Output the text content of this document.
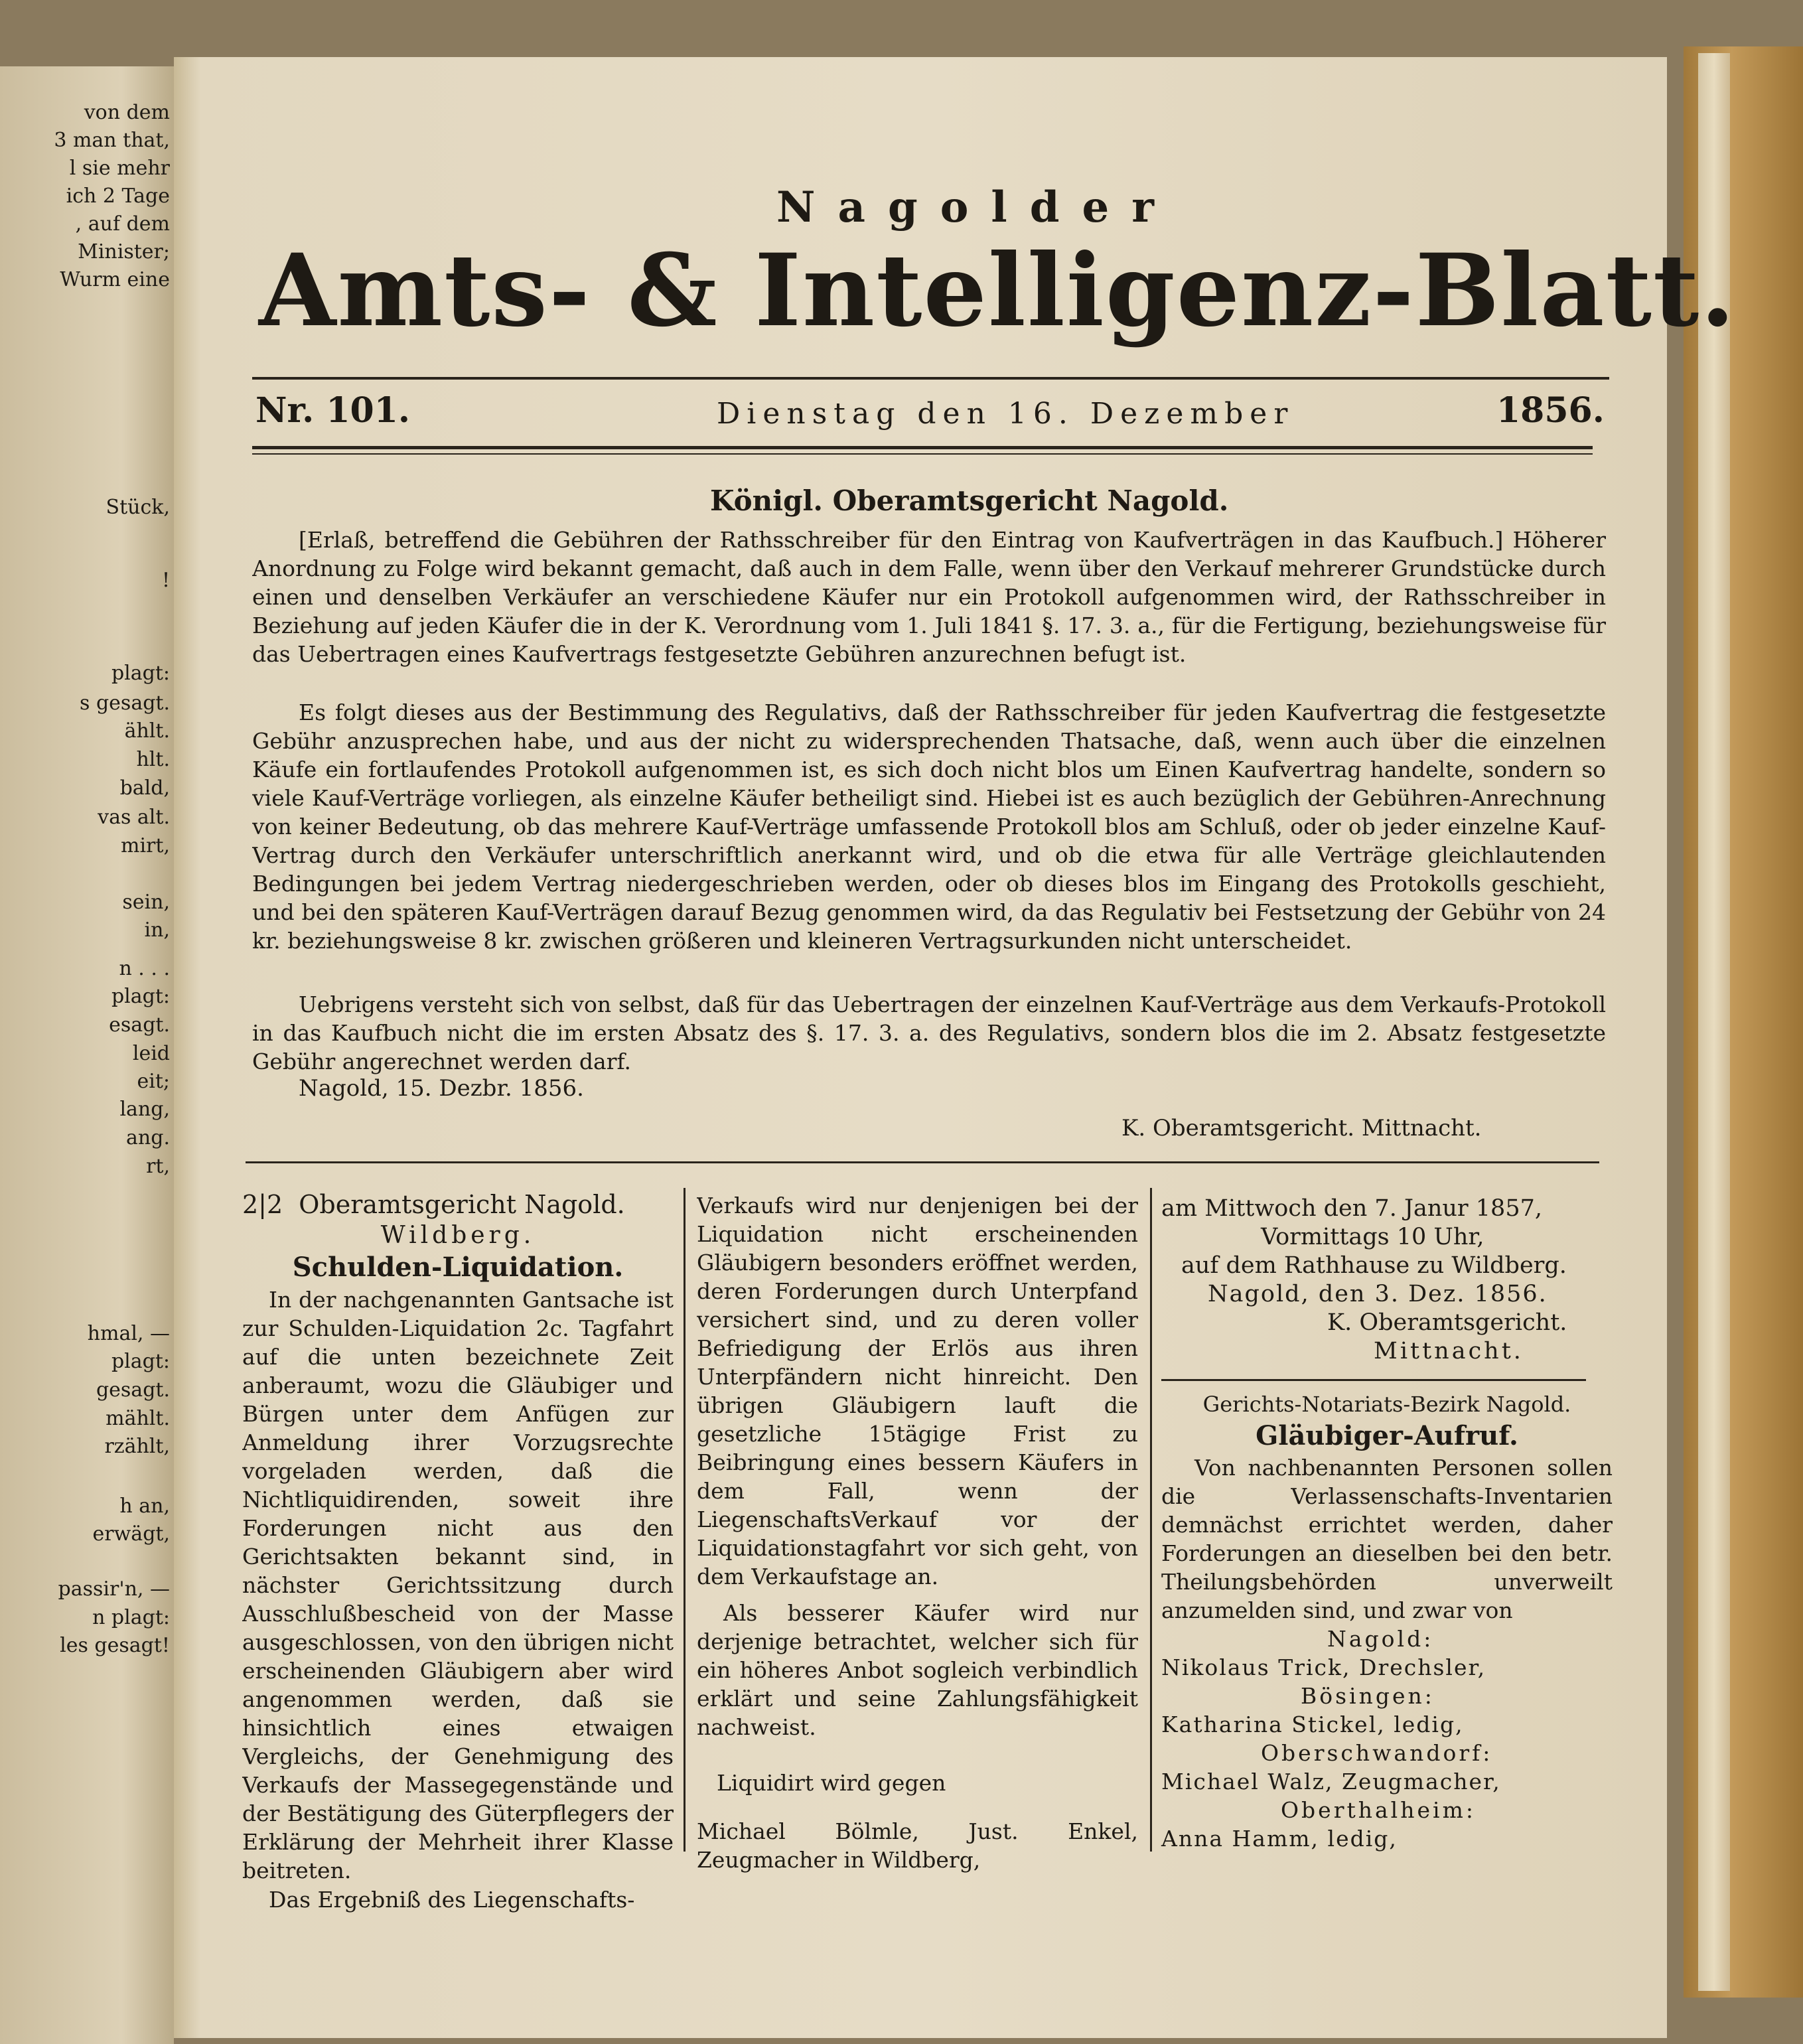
von dem
3 man that,
l sie mehr
ich 2 Tage
, auf dem
Minister;
Wurm eine
Stück,
!
plagt:
s gesagt.
ählt.
hlt.
bald,
vas alt.
mirt,
sein,
in,
n . . .
plagt:
esagt.
leid
eit;
lang,
ang.
rt,
hmal, —
plagt:
gesagt.
mählt.
rzählt,
h an,
erwägt,
passir'n, —
n plagt:
les gesagt!
Nagolder
Amts- & Intelligenz-Blatt.
Nr. 101.	Dienstag den 16. Dezember	1856.
Königl. Oberamtsgericht Nagold.
[Erlaß, betreffend die Gebühren der Rathsschreiber für den Eintrag von Kaufverträgen in das Kaufbuch.] Höherer Anordnung zu Folge wird bekannt gemacht, daß auch in dem Falle, wenn über den Verkauf mehrerer Grundstücke durch einen und denselben Verkäufer an verschiedene Käufer nur ein Protokoll aufgenommen wird, der Rathsschreiber in Beziehung auf jeden Käufer die in der K. Verordnung vom 1. Juli 1841 §. 17. 3. a., für die Fertigung, beziehungsweise für das Uebertragen eines Kaufvertrags festgesetzte Gebühren anzurechnen befugt ist.
Es folgt dieses aus der Bestimmung des Regulativs, daß der Rathsschreiber für jeden Kaufvertrag die festgesetzte Gebühr anzusprechen habe, und aus der nicht zu widersprechenden Thatsache, daß, wenn auch über die einzelnen Käufe ein fortlaufendes Protokoll aufgenommen ist, es sich doch nicht blos um Einen Kaufvertrag handelte, sondern so viele Kauf-Verträge vorliegen, als einzelne Käufer betheiligt sind. Hiebei ist es auch bezüglich der Gebühren-Anrechnung von keiner Bedeutung, ob das mehrere Kauf-Verträge umfassende Protokoll blos am Schluß, oder ob jeder einzelne Kauf-Vertrag durch den Verkäufer unterschriftlich anerkannt wird, und ob die etwa für alle Verträge gleichlautenden Bedingungen bei jedem Vertrag niedergeschrieben werden, oder ob dieses blos im Eingang des Protokolls geschieht, und bei den späteren Kauf-Verträgen darauf Bezug genommen wird, da das Regulativ bei Festsetzung der Gebühr von 24 kr. beziehungsweise 8 kr. zwischen größeren und kleineren Vertragsurkunden nicht unterscheidet.
Uebrigens versteht sich von selbst, daß für das Uebertragen der einzelnen Kauf-Verträge aus dem Verkaufs-Protokoll in das Kaufbuch nicht die im ersten Absatz des §. 17. 3. a. des Regulativs, sondern blos die im 2. Absatz festgesetzte Gebühr angerechnet werden darf.
Nagold, 15. Dezbr. 1856.
K. Oberamtsgericht. Mittnacht.
2|2 Oberamtsgericht Nagold.
Wildberg.
Schulden-Liquidation.

In der nachgenannten Gantsache ist zur Schulden-Liquidation 2c. Tagfahrt auf die unten bezeichnete Zeit anberaumt, wozu die Gläubiger und Bürgen unter dem Anfügen zur Anmeldung ihrer Vorzugsrechte vorgeladen werden, daß die Nichtliquidirenden, soweit ihre Forderungen nicht aus den Gerichtsakten bekannt sind, in nächster Gerichtssitzung durch Ausschlußbescheid von der Masse ausgeschlossen, von den übrigen nicht erscheinenden Gläubigern aber wird angenommen werden, daß sie hinsichtlich eines etwaigen Vergleichs, der Genehmigung des Verkaufs der Massegegenstände und der Bestätigung des Güterpflegers der Erklärung der Mehrheit ihrer Klasse beitreten.

Das Ergebniß des Liegenschafts-

Verkaufs wird nur denjenigen bei der Liquidation nicht erscheinenden Gläubigern besonders eröffnet werden, deren Forderungen durch Unterpfand versichert sind, und zu deren voller Befriedigung der Erlös aus ihren Unterpfändern nicht hinreicht. Den übrigen Gläubigern lauft die gesetzliche 15tägige Frist zu Beibringung eines bessern Käufers in dem Fall, wenn der LiegenschaftsVerkauf vor der Liquidationstagfahrt vor sich geht, von dem Verkaufstage an.

Als besserer Käufer wird nur derjenige betrachtet, welcher sich für ein höheres Anbot sogleich verbindlich erklärt und seine Zahlungsfähigkeit nachweist.

Liquidirt wird gegen

Michael Bölmle, Just. Enkel, Zeugmacher in Wildberg,

am Mittwoch den 7. Janur 1857,
Vormittags 10 Uhr,
auf dem Rathhause zu Wildberg.
Nagold, den 3. Dez. 1856.
K. Oberamtsgericht.
Mittnacht.
Gerichts-Notariats-Bezirk Nagold.
Gläubiger-Aufruf.

Von nachbenannten Personen sollen die Verlassenschafts-Inventarien demnächst errichtet werden, daher Forderungen an dieselben bei den betr. Theilungsbehörden unverweilt anzumelden sind, und zwar von

Nagold:
Nikolaus Trick, Drechsler,
Bösingen:
Katharina Stickel, ledig,
Oberschwandorf:
Michael Walz, Zeugmacher,
Oberthalheim:
Anna Hamm, ledig,
